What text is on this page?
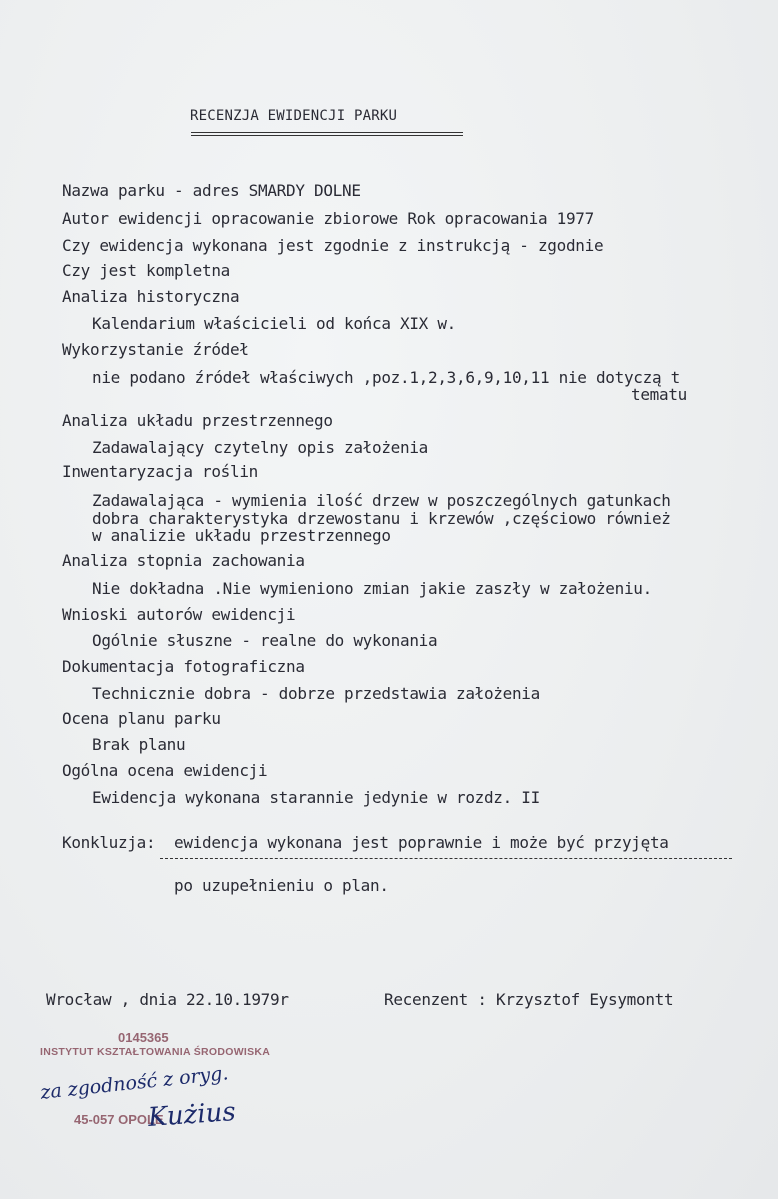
RECENZJA EWIDENCJI PARKU
Nazwa parku - adres SMARDY DOLNE
Autor ewidencji opracowanie zbiorowe Rok opracowania 1977
Czy ewidencja wykonana jest zgodnie z instrukcją - zgodnie
Czy jest kompletna
Analiza historyczna
Kalendarium właścicieli od końca XIX w.
Wykorzystanie źródeł
nie podano źródeł właściwych ,poz.1,2,3,6,9,10,11 nie dotyczą t
tematu
Analiza układu przestrzennego
Zadawalający czytelny opis założenia
Inwentaryzacja roślin
Zadawalająca - wymienia ilość drzew w poszczególnych gatunkach
dobra charakterystyka drzewostanu i krzewów ,częściowo również
w analizie układu przestrzennego
Analiza stopnia zachowania
Nie dokładna .Nie wymieniono zmian jakie zaszły w założeniu.
Wnioski autorów ewidencji
Ogólnie słuszne - realne do wykonania
Dokumentacja fotograficzna
Technicznie dobra - dobrze przedstawia założenia
Ocena planu parku
Brak planu
Ogólna ocena ewidencji
Ewidencja wykonana starannie jedynie w rozdz. II
Konkluzja: ewidencja wykonana jest poprawnie i może być przyjęta
po uzupełnieniu o plan.
Wrocław , dnia 22.10.1979r	Recenzent : Krzysztof Eysymontt
0145365
INSTYTUT KSZTAŁTOWANIA ŚRODOWISKA
45-057 OPOLE
za zgodność z oryg.
Kużius
